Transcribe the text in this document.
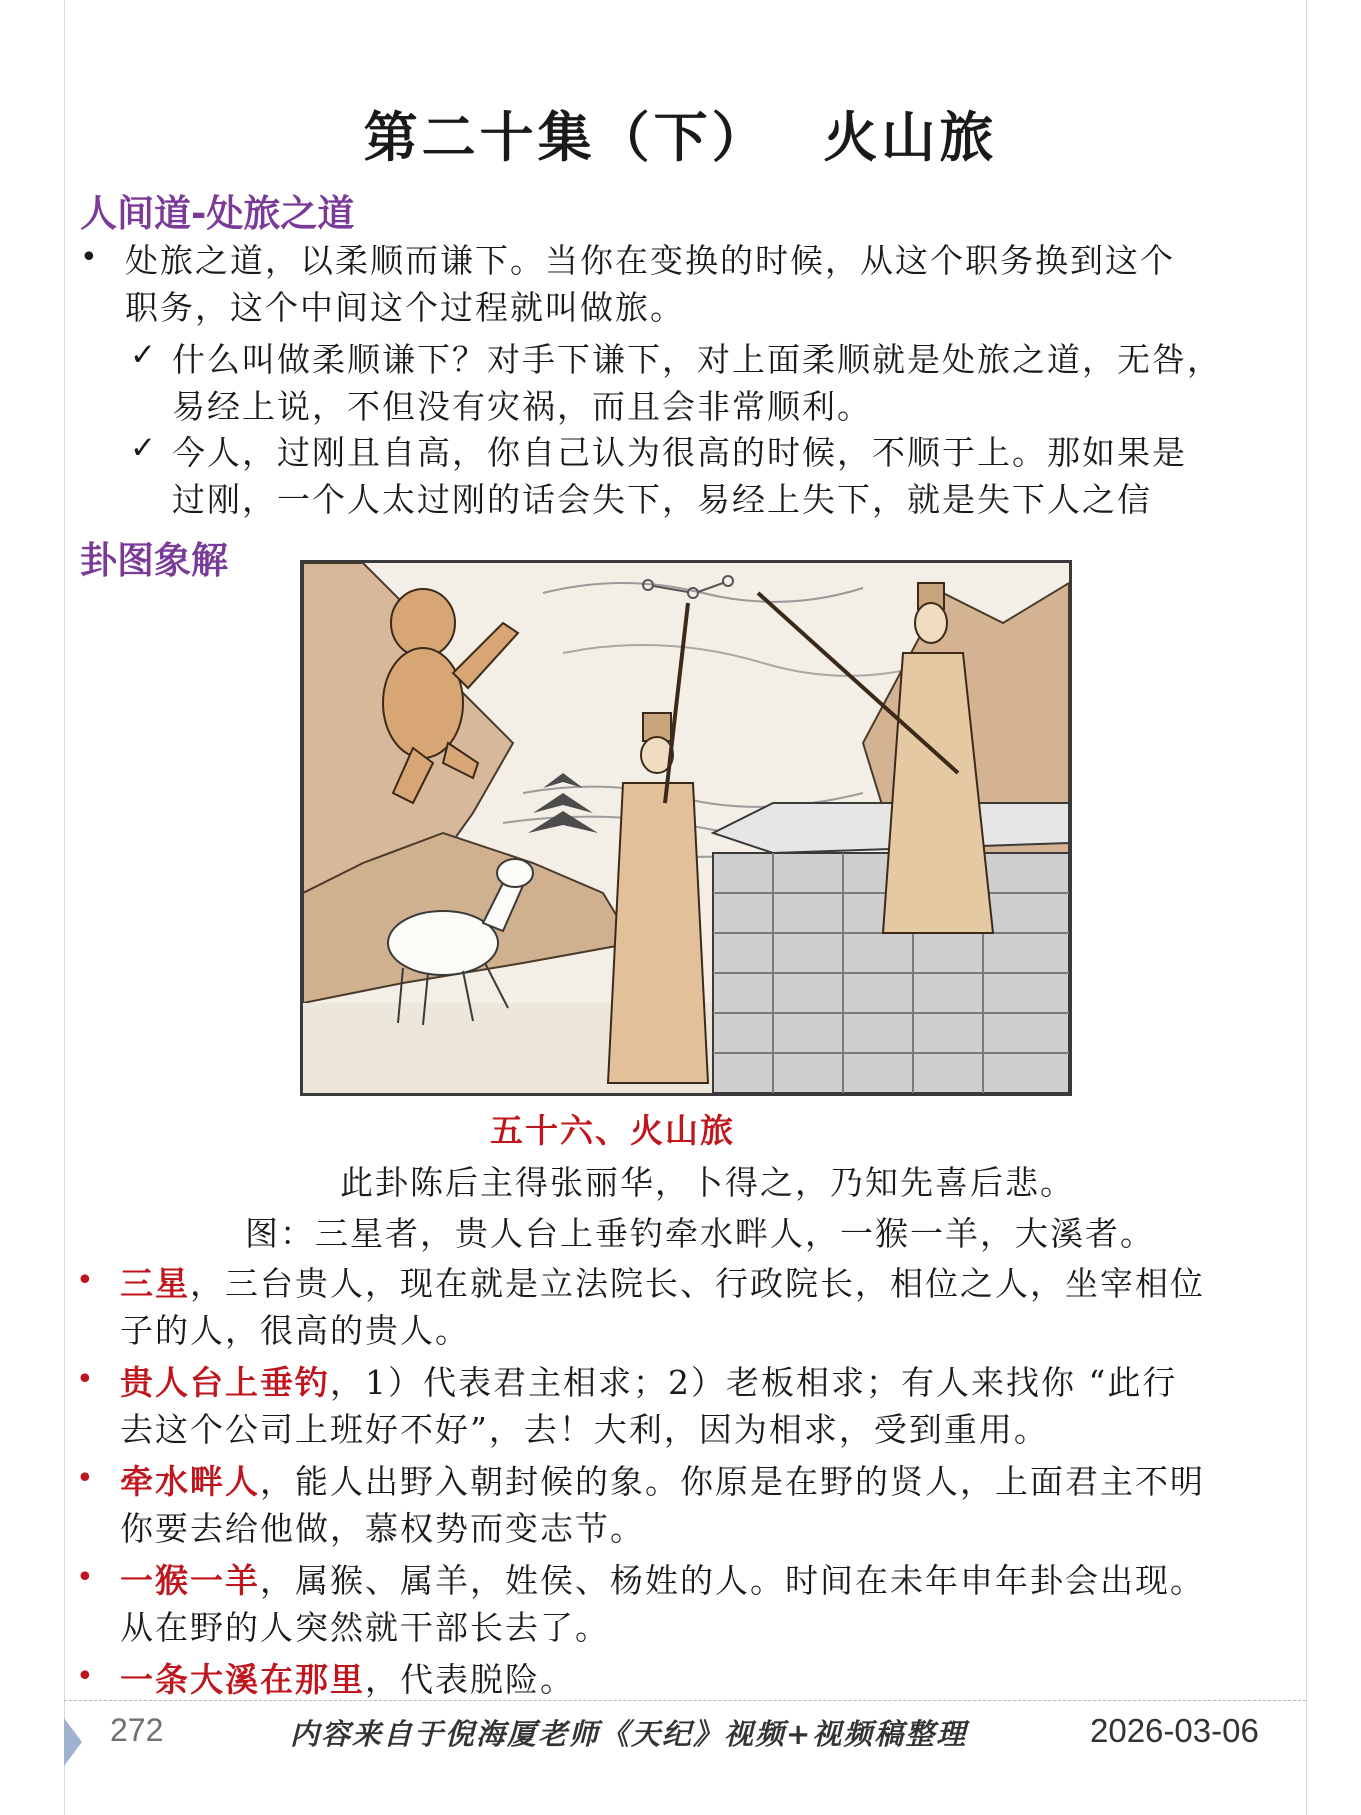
第二十集（下）　 火山旅
人间道-处旅之道
• 处旅之道，以柔顺而谦下。当你在变换的时候，从这个职务换到这个
职务，这个中间这个过程就叫做旅。
✓ 什么叫做柔顺谦下？对手下谦下，对上面柔顺就是处旅之道，无咎，
易经上说，不但没有灾祸，而且会非常顺利。
✓ 今人，过刚且自高，你自己认为很高的时候，不顺于上。那如果是
过刚，一个人太过刚的话会失下，易经上失下，就是失下人之信
卦图象解
五十六、火山旅
此卦陈后主得张丽华，卜得之，乃知先喜后悲。
图：三星者，贵人台上垂钓牵水畔人，一猴一羊，大溪者。
• 三星，三台贵人，现在就是立法院长、行政院长，相位之人，坐宰相位
子的人，很高的贵人。
• 贵人台上垂钓，1）代表君主相求；2）老板相求；有人来找你 “此行
去这个公司上班好不好”，去！大利，因为相求，受到重用。
• 牵水畔人，能人出野入朝封候的象。你原是在野的贤人，上面君主不明
你要去给他做，慕权势而变志节。
• 一猴一羊，属猴、属羊，姓侯、杨姓的人。时间在未年申年卦会出现。
从在野的人突然就干部长去了。
• 一条大溪在那里，代表脱险。
272	内容来自于倪海厦老师《天纪》视频+视频稿整理	2026-03-06
